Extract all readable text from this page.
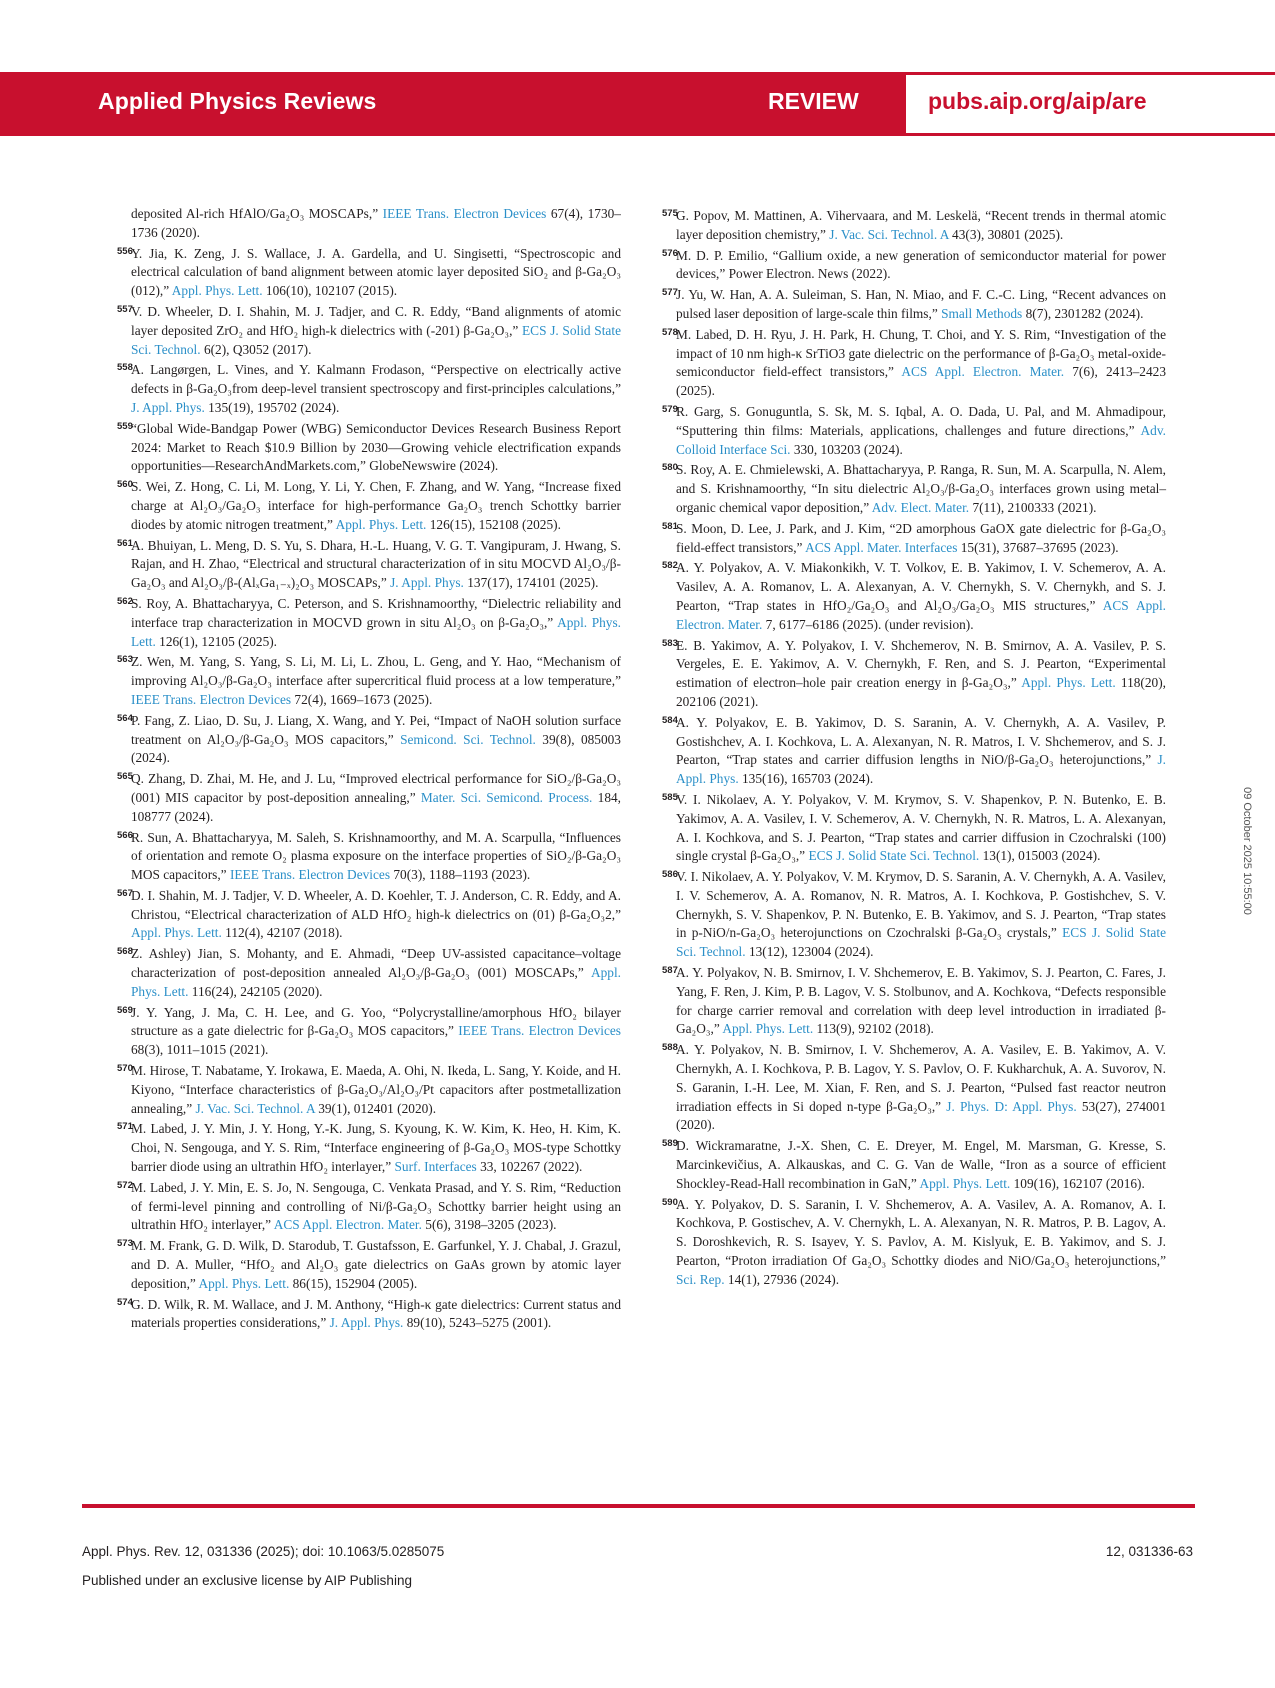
Applied Physics Reviews	REVIEW	pubs.aip.org/aip/are

deposited Al-rich HfAlO/Ga₂O₃ MOSCAPs,” IEEE Trans. Electron Devices 67(4), 1730–1736 (2020).

556Y. Jia, K. Zeng, J. S. Wallace, J. A. Gardella, and U. Singisetti, “Spectroscopic and electrical calculation of band alignment between atomic layer deposited SiO₂ and β-Ga₂O₃ (012),” Appl. Phys. Lett. 106(10), 102107 (2015).

557V. D. Wheeler, D. I. Shahin, M. J. Tadjer, and C. R. Eddy, “Band alignments of atomic layer deposited ZrO₂ and HfO₂ high-k dielectrics with (-201) β-Ga₂O₃,” ECS J. Solid State Sci. Technol. 6(2), Q3052 (2017).

558A. Langørgen, L. Vines, and Y. Kalmann Frodason, “Perspective on electrically active defects in β-Ga₂O₃from deep-level transient spectroscopy and first-principles calculations,” J. Appl. Phys. 135(19), 195702 (2024).

559“Global Wide-Bandgap Power (WBG) Semiconductor Devices Research Business Report 2024: Market to Reach $10.9 Billion by 2030—Growing vehicle electrification expands opportunities—ResearchAndMarkets.com,” GlobeNewswire (2024).

560S. Wei, Z. Hong, C. Li, M. Long, Y. Li, Y. Chen, F. Zhang, and W. Yang, “Increase fixed charge at Al₂O₃/Ga₂O₃ interface for high-performance Ga₂O₃ trench Schottky barrier diodes by atomic nitrogen treatment,” Appl. Phys. Lett. 126(15), 152108 (2025).

561A. Bhuiyan, L. Meng, D. S. Yu, S. Dhara, H.-L. Huang, V. G. T. Vangipuram, J. Hwang, S. Rajan, and H. Zhao, “Electrical and structural characterization of in situ MOCVD Al₂O₃/β-Ga₂O₃ and Al₂O₃/β-(AlₓGa₁₋ₓ)₂O₃ MOSCAPs,” J. Appl. Phys. 137(17), 174101 (2025).

562S. Roy, A. Bhattacharyya, C. Peterson, and S. Krishnamoorthy, “Dielectric reliability and interface trap characterization in MOCVD grown in situ Al₂O₃ on β-Ga₂O₃,” Appl. Phys. Lett. 126(1), 12105 (2025).

563Z. Wen, M. Yang, S. Yang, S. Li, M. Li, L. Zhou, L. Geng, and Y. Hao, “Mechanism of improving Al₂O₃/β-Ga₂O₃ interface after supercritical fluid process at a low temperature,” IEEE Trans. Electron Devices 72(4), 1669–1673 (2025).

564P. Fang, Z. Liao, D. Su, J. Liang, X. Wang, and Y. Pei, “Impact of NaOH solution surface treatment on Al₂O₃/β-Ga₂O₃ MOS capacitors,” Semicond. Sci. Technol. 39(8), 085003 (2024).

565Q. Zhang, D. Zhai, M. He, and J. Lu, “Improved electrical performance for SiO₂/β-Ga₂O₃ (001) MIS capacitor by post-deposition annealing,” Mater. Sci. Semicond. Process. 184, 108777 (2024).

566R. Sun, A. Bhattacharyya, M. Saleh, S. Krishnamoorthy, and M. A. Scarpulla, “Influences of orientation and remote O₂ plasma exposure on the interface properties of SiO₂/β-Ga₂O₃ MOS capacitors,” IEEE Trans. Electron Devices 70(3), 1188–1193 (2023).

567D. I. Shahin, M. J. Tadjer, V. D. Wheeler, A. D. Koehler, T. J. Anderson, C. R. Eddy, and A. Christou, “Electrical characterization of ALD HfO₂ high-k dielectrics on (01) β-Ga₂O₃2,” Appl. Phys. Lett. 112(4), 42107 (2018).

568Z. Ashley) Jian, S. Mohanty, and E. Ahmadi, “Deep UV-assisted capacitance–voltage characterization of post-deposition annealed Al₂O₃/β-Ga₂O₃ (001) MOSCAPs,” Appl. Phys. Lett. 116(24), 242105 (2020).

569J. Y. Yang, J. Ma, C. H. Lee, and G. Yoo, “Polycrystalline/amorphous HfO₂ bilayer structure as a gate dielectric for β-Ga₂O₃ MOS capacitors,” IEEE Trans. Electron Devices 68(3), 1011–1015 (2021).

570M. Hirose, T. Nabatame, Y. Irokawa, E. Maeda, A. Ohi, N. Ikeda, L. Sang, Y. Koide, and H. Kiyono, “Interface characteristics of β-Ga₂O₃/Al₂O₃/Pt capacitors after postmetallization annealing,” J. Vac. Sci. Technol. A 39(1), 012401 (2020).

571M. Labed, J. Y. Min, J. Y. Hong, Y.-K. Jung, S. Kyoung, K. W. Kim, K. Heo, H. Kim, K. Choi, N. Sengouga, and Y. S. Rim, “Interface engineering of β-Ga₂O₃ MOS-type Schottky barrier diode using an ultrathin HfO₂ interlayer,” Surf. Interfaces 33, 102267 (2022).

572M. Labed, J. Y. Min, E. S. Jo, N. Sengouga, C. Venkata Prasad, and Y. S. Rim, “Reduction of fermi-level pinning and controlling of Ni/β-Ga₂O₃ Schottky barrier height using an ultrathin HfO₂ interlayer,” ACS Appl. Electron. Mater. 5(6), 3198–3205 (2023).

573M. M. Frank, G. D. Wilk, D. Starodub, T. Gustafsson, E. Garfunkel, Y. J. Chabal, J. Grazul, and D. A. Muller, “HfO₂ and Al₂O₃ gate dielectrics on GaAs grown by atomic layer deposition,” Appl. Phys. Lett. 86(15), 152904 (2005).

574G. D. Wilk, R. M. Wallace, and J. M. Anthony, “High-κ gate dielectrics: Current status and materials properties considerations,” J. Appl. Phys. 89(10), 5243–5275 (2001).

575G. Popov, M. Mattinen, A. Vihervaara, and M. Leskelä, “Recent trends in thermal atomic layer deposition chemistry,” J. Vac. Sci. Technol. A 43(3), 30801 (2025).

576M. D. P. Emilio, “Gallium oxide, a new generation of semiconductor material for power devices,” Power Electron. News (2022).

577J. Yu, W. Han, A. A. Suleiman, S. Han, N. Miao, and F. C.-C. Ling, “Recent advances on pulsed laser deposition of large-scale thin films,” Small Methods 8(7), 2301282 (2024).

578M. Labed, D. H. Ryu, J. H. Park, H. Chung, T. Choi, and Y. S. Rim, “Investigation of the impact of 10 nm high-κ SrTiO3 gate dielectric on the performance of β-Ga₂O₃ metal-oxide-semiconductor field-effect transistors,” ACS Appl. Electron. Mater. 7(6), 2413–2423 (2025).

579R. Garg, S. Gonuguntla, S. Sk, M. S. Iqbal, A. O. Dada, U. Pal, and M. Ahmadipour, “Sputtering thin films: Materials, applications, challenges and future directions,” Adv. Colloid Interface Sci. 330, 103203 (2024).

580S. Roy, A. E. Chmielewski, A. Bhattacharyya, P. Ranga, R. Sun, M. A. Scarpulla, N. Alem, and S. Krishnamoorthy, “In situ dielectric Al₂O₃/β-Ga₂O₃ interfaces grown using metal–organic chemical vapor deposition,” Adv. Elect. Mater. 7(11), 2100333 (2021).

581S. Moon, D. Lee, J. Park, and J. Kim, “2D amorphous GaOX gate dielectric for β-Ga₂O₃ field-effect transistors,” ACS Appl. Mater. Interfaces 15(31), 37687–37695 (2023).

582A. Y. Polyakov, A. V. Miakonkikh, V. T. Volkov, E. B. Yakimov, I. V. Schemerov, A. A. Vasilev, A. A. Romanov, L. A. Alexanyan, A. V. Chernykh, S. V. Chernykh, and S. J. Pearton, “Trap states in HfO₂/Ga₂O₃ and Al₂O₃/Ga₂O₃ MIS structures,” ACS Appl. Electron. Mater. 7, 6177–6186 (2025). (under revision).

583E. B. Yakimov, A. Y. Polyakov, I. V. Shchemerov, N. B. Smirnov, A. A. Vasilev, P. S. Vergeles, E. E. Yakimov, A. V. Chernykh, F. Ren, and S. J. Pearton, “Experimental estimation of electron–hole pair creation energy in β-Ga₂O₃,” Appl. Phys. Lett. 118(20), 202106 (2021).

584A. Y. Polyakov, E. B. Yakimov, D. S. Saranin, A. V. Chernykh, A. A. Vasilev, P. Gostishchev, A. I. Kochkova, L. A. Alexanyan, N. R. Matros, I. V. Shchemerov, and S. J. Pearton, “Trap states and carrier diffusion lengths in NiO/β-Ga₂O₃ heterojunctions,” J. Appl. Phys. 135(16), 165703 (2024).

585V. I. Nikolaev, A. Y. Polyakov, V. M. Krymov, S. V. Shapenkov, P. N. Butenko, E. B. Yakimov, A. A. Vasilev, I. V. Schemerov, A. V. Chernykh, N. R. Matros, L. A. Alexanyan, A. I. Kochkova, and S. J. Pearton, “Trap states and carrier diffusion in Czochralski (100) single crystal β-Ga₂O₃,” ECS J. Solid State Sci. Technol. 13(1), 015003 (2024).

586V. I. Nikolaev, A. Y. Polyakov, V. M. Krymov, D. S. Saranin, A. V. Chernykh, A. A. Vasilev, I. V. Schemerov, A. A. Romanov, N. R. Matros, A. I. Kochkova, P. Gostishchev, S. V. Chernykh, S. V. Shapenkov, P. N. Butenko, E. B. Yakimov, and S. J. Pearton, “Trap states in p-NiO/n-Ga₂O₃ heterojunctions on Czochralski β-Ga₂O₃ crystals,” ECS J. Solid State Sci. Technol. 13(12), 123004 (2024).

587A. Y. Polyakov, N. B. Smirnov, I. V. Shchemerov, E. B. Yakimov, S. J. Pearton, C. Fares, J. Yang, F. Ren, J. Kim, P. B. Lagov, V. S. Stolbunov, and A. Kochkova, “Defects responsible for charge carrier removal and correlation with deep level introduction in irradiated β-Ga₂O₃,” Appl. Phys. Lett. 113(9), 92102 (2018).

588A. Y. Polyakov, N. B. Smirnov, I. V. Shchemerov, A. A. Vasilev, E. B. Yakimov, A. V. Chernykh, A. I. Kochkova, P. B. Lagov, Y. S. Pavlov, O. F. Kukharchuk, A. A. Suvorov, N. S. Garanin, I.-H. Lee, M. Xian, F. Ren, and S. J. Pearton, “Pulsed fast reactor neutron irradiation effects in Si doped n-type β-Ga₂O₃,” J. Phys. D: Appl. Phys. 53(27), 274001 (2020).

589D. Wickramaratne, J.-X. Shen, C. E. Dreyer, M. Engel, M. Marsman, G. Kresse, S. Marcinkevičius, A. Alkauskas, and C. G. Van de Walle, “Iron as a source of efficient Shockley-Read-Hall recombination in GaN,” Appl. Phys. Lett. 109(16), 162107 (2016).

590A. Y. Polyakov, D. S. Saranin, I. V. Shchemerov, A. A. Vasilev, A. A. Romanov, A. I. Kochkova, P. Gostischev, A. V. Chernykh, L. A. Alexanyan, N. R. Matros, P. B. Lagov, A. S. Doroshkevich, R. S. Isayev, Y. S. Pavlov, A. M. Kislyuk, E. B. Yakimov, and S. J. Pearton, “Proton irradiation Of Ga₂O₃ Schottky diodes and NiO/Ga₂O₃ heterojunctions,” Sci. Rep. 14(1), 27936 (2024).

09 October 2025 10:55:00
Appl. Phys. Rev. 12, 031336 (2025); doi: 10.1063/5.0285075	12, 031336-63
Published under an exclusive license by AIP Publishing
